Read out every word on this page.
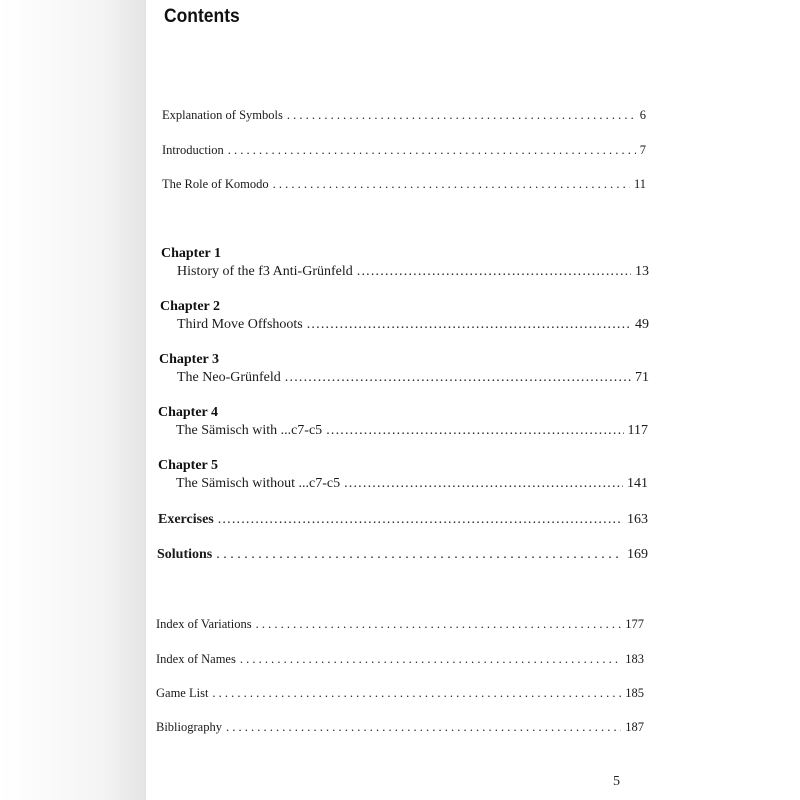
Contents
Explanation of Symbols . . .	6
Introduction . . .	7
The Role of Komodo . . .	11
Chapter 1
History of the f3 Anti-Grünfeld .....	13
Chapter 2
Third Move Offshoots .....	49
Chapter 3
The Neo-Grünfeld .....	71
Chapter 4
The Sämisch with ...c7-c5 .....	117
Chapter 5
The Sämisch without ...c7-c5 .....	141
Exercises .....	163
Solutions . . .	169
Index of Variations . . .	177
Index of Names . . .	183
Game List . . .	185
Bibliography . . .	187
5
